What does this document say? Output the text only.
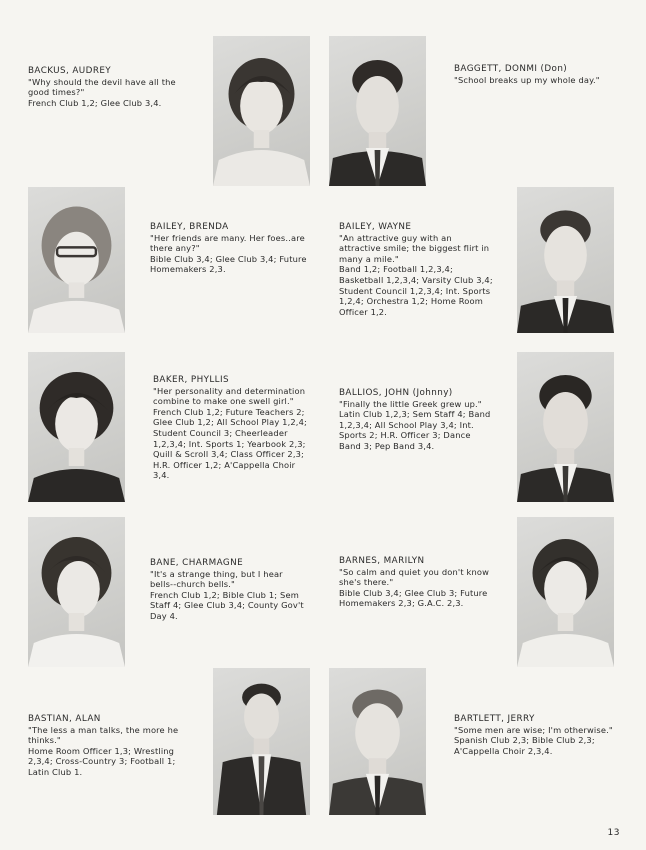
BACKUS, AUDREY
"Why should the devil have all the good times?"
French Club 1,2; Glee Club 3,4.
BAGGETT, DONMI (Don)
"School breaks up my whole day."
BAILEY, BRENDA
"Her friends are many. Her foes..are there any?"
Bible Club 3,4; Glee Club 3,4; Future Homemakers 2,3.
BAILEY, WAYNE
"An attractive guy with an attractive smile; the biggest flirt in many a mile."
Band 1,2; Football 1,2,3,4; Basketball 1,2,3,4; Varsity Club 3,4; Student Council 1,2,3,4; Int. Sports 1,2,4; Orchestra 1,2; Home Room Officer 1,2.
BAKER, PHYLLIS
"Her personality and determination combine to make one swell girl."
French Club 1,2; Future Teachers 2; Glee Club 1,2; All School Play 1,2,4; Student Council 3; Cheerleader 1,2,3,4; Int. Sports 1; Yearbook 2,3; Quill & Scroll 3,4; Class Officer 2,3; H.R. Officer 1,2; A'Cappella Choir 3,4.
BALLIOS, JOHN (Johnny)
"Finally the little Greek grew up."
Latin Club 1,2,3; Sem Staff 4; Band 1,2,3,4; All School Play 3,4; Int. Sports 2; H.R. Officer 3; Dance Band 3; Pep Band 3,4.
BANE, CHARMAGNE
"It's a strange thing, but I hear bells--church bells."
French Club 1,2; Bible Club 1; Sem Staff 4; Glee Club 3,4; County Gov't Day 4.
BARNES, MARILYN
"So calm and quiet you don't know she's there."
Bible Club 3,4; Glee Club 3; Future Homemakers 2,3; G.A.C. 2,3.
BASTIAN, ALAN
"The less a man talks, the more he thinks."
Home Room Officer 1,3; Wrestling 2,3,4; Cross-Country 3; Football 1; Latin Club 1.
BARTLETT, JERRY
"Some men are wise; I'm otherwise."
Spanish Club 2,3; Bible Club 2,3; A'Cappella Choir 2,3,4.
13
